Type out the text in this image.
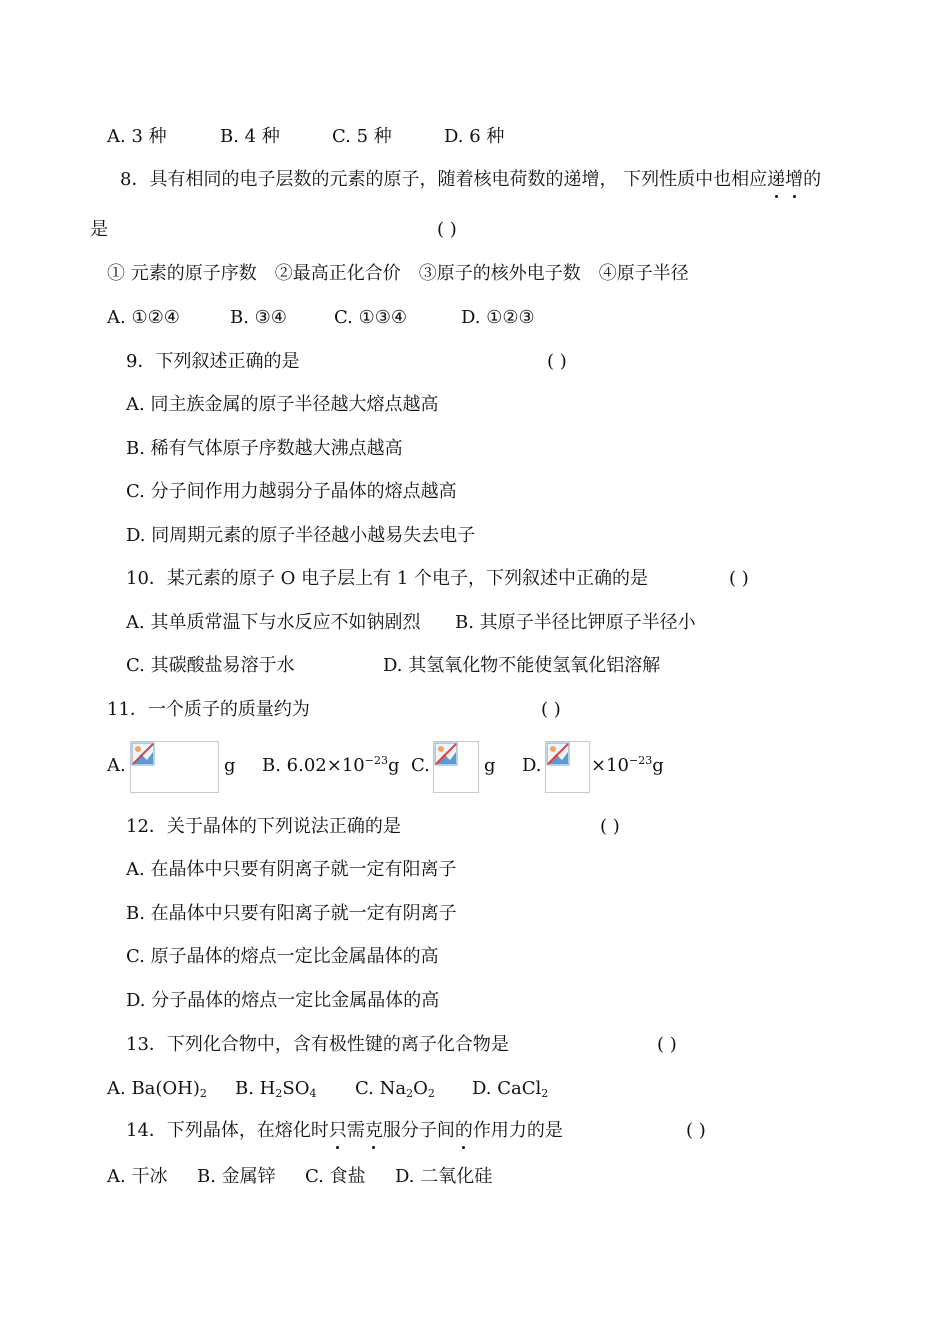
A. 3 种	B. 4 种	C. 5 种	D. 6 种
8．具有相同的电子层数的元素的原子，随着核电荷数的递增， 下列性质中也相应递增的
是	( )
① 元素的原子序数　②最高正化合价　③原子的核外电子数　④原子半径
A. ①②④	B. ③④	C. ①③④	D. ①②③
9．下列叙述正确的是	( )
A. 同主族金属的原子半径越大熔点越高
B. 稀有气体原子序数越大沸点越高
C. 分子间作用力越弱分子晶体的熔点越高
D. 同周期元素的原子半径越小越易失去电子
10．某元素的原子 O 电子层上有 1 个电子，下列叙述中正确的是	( )
A. 其单质常温下与水反应不如钠剧烈 B. 其原子半径比钾原子半径小
C. 其碳酸盐易溶于水	D. 其氢氧化物不能使氢氧化铝溶解
11．一个质子的质量约为	( )
A.	g B. $6.02\times 10^{-23}g$ C.	g D.	$\times 10^{-23}g$
12．关于晶体的下列说法正确的是	( )
A. 在晶体中只要有阴离子就一定有阳离子
B. 在晶体中只要有阳离子就一定有阴离子
C. 原子晶体的熔点一定比金属晶体的高
D. 分子晶体的熔点一定比金属晶体的高
13．下列化合物中，含有极性键的离子化合物是	( )
A. $Ba(OH)_2$ B. $H_2SO_4$ C. $Na_2O_2$ D. CaCl$_2$
14．下列晶体，在熔化时只需克服分子间的作用力的是	( )
A. 干冰 B. 金属锌 C. 食盐 D. 二氧化硅
